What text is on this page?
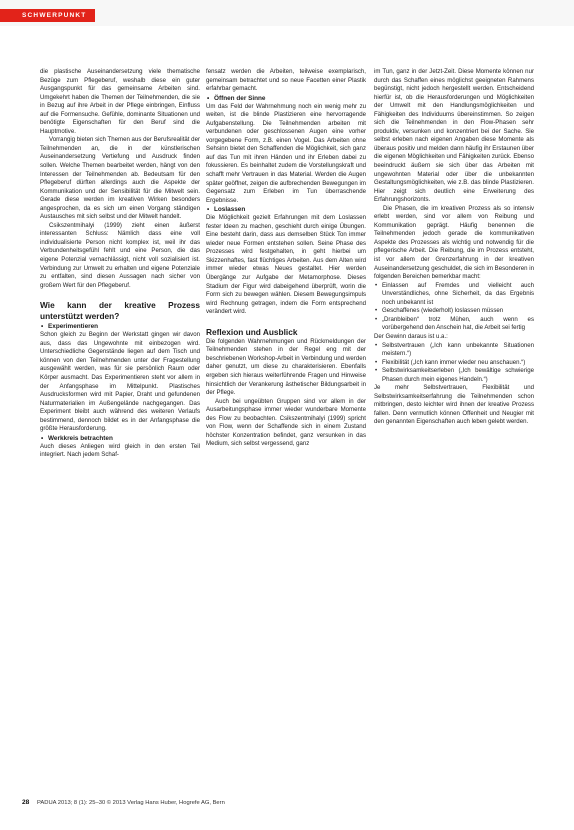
SCHWERPUNKT

die plastische Auseinandersetzung viele thematische Bezüge zum Pflegeberuf, weshalb diese ein guter Ausgangspunkt für das gemeinsame Arbeiten sind. Umgekehrt haben die Themen der Teilnehmenden, die sie in Bezug auf ihre Arbeit in der Pflege einbringen, Einfluss auf die Formensuche. Gefühle, dominante Situationen und benötigte Eigenschaften für den Beruf sind die Hauptmotive.

Vorrangig bieten sich Themen aus der Berufsrealität der Teilnehmenden an, die in der künstlerischen Auseinandersetzung Vertiefung und Ausdruck finden sollen. Welche Themen bearbeitet werden, hängt von den Interessen der Teilnehmenden ab. Bedeutsam für den Pflegeberuf dürften allerdings auch die Aspekte der Kommunikation und der Sensibilität für die Mitwelt sein. Gerade diese werden im kreativen Wirken besonders angesprochen, da es sich um einen Vorgang ständigen Austausches mit sich selbst und der Mitwelt handelt.

Csikszentmihalyi (1999) zieht einen äußerst interessanten Schluss: Nämlich dass eine voll individualisierte Person nicht komplex ist, weil ihr das Verbundenheitsgefühl fehlt und eine Person, die das eigene Potenzial vernachlässigt, nicht voll sozialisiert ist. Verbindung zur Umwelt zu erhalten und eigene Potenziale zu entfalten, sind diesen Aussagen nach sicher von großem Wert für den Pflegeberuf.

Wie kann der kreative Prozess unterstützt werden?

• Experimentieren

Schon gleich zu Beginn der Werkstatt gingen wir davon aus, dass das Ungewohnte mit einbezogen wird. Unterschiedliche Gegenstände liegen auf dem Tisch und können von den Teilnehmenden unter der Fragestellung ausgewählt werden, was für sie persönlich Raum oder Körper ausmacht. Das Experimentieren steht vor allem in der Anfangsphase im Mittelpunkt. Plastisches Ausdrucksformen wird mit Papier, Draht und gefundenen Naturmaterialien im Außengelände nachgegangen. Das Experiment bleibt auch während des weiteren Verlaufs bestimmend, dennoch bildet es in der Anfangsphase die größte Herausforderung.

• Werkkreis betrachten

Auch dieses Anliegen wird gleich in den ersten Teil integriert. Nach jedem Schaf-

fensatz werden die Arbeiten, teilweise exemplarisch, gemeinsam betrachtet und so neue Facetten einer Plastik erfahrbar gemacht.

• Öffnen der Sinne

Um das Feld der Wahrnehmung noch ein wenig mehr zu weiten, ist die blinde Plastizieren eine hervorragende Aufgabenstellung. Die Teilnehmenden arbeiten mit verbundenen oder geschlossenen Augen eine vorher vorgegebene Form, z.B. einen Vogel. Das Arbeiten ohne Sehsinn bietet den Schaffenden die Möglichkeit, sich ganz auf das Tun mit ihren Händen und ihr Erleben dabei zu fokussieren. Es beinhaltet zudem die Vorstellungskraft und schafft mehr Vertrauen in das Material. Werden die Augen später geöffnet, zeigen die aufbrechenden Bewegungen im Gegensatz zum Erleben im Tun überraschende Ergebnisse.

• Loslassen

Die Möglichkeit gezielt Erfahrungen mit dem Loslassen fester Ideen zu machen, geschieht durch einige Übungen. Eine besteht darin, dass aus demselben Stück Ton immer wieder neue Formen entstehen sollen. Seine Phase des Prozesses wird festgehalten, in geht hierbei um Skizzenhaftes, fast flüchtiges Arbeiten. Aus dem Alten wird immer wieder etwas Neues gestaltet. Hier werden Übergänge zur Aufgabe der Metamorphose. Dieses Stadium der Figur wird dabeigehend überprüft, worin die Form sich zu bewegen wählen. Diesem Bewegungsimpuls wird Rechnung getragen, indem die Form entsprechend verändert wird.

Reflexion und Ausblick

Die folgenden Wahrnehmungen und Rückmeldungen der Teilnehmenden stehen in der Regel eng mit der beschriebenen Workshop-Arbeit in Verbindung und werden daher genutzt, um diese zu charakterisieren. Ebenfalls ergeben sich hieraus weiterführende Fragen und Hinweise hinsichtlich der Verankerung ästhetischer Bildungsarbeit in der Pflege.

Auch bei ungeübten Gruppen sind vor allem in der Ausarbeitungsphase immer wieder wunderbare Momente des Flow zu beobachten. Csikszentmihalyi (1999) spricht von Flow, wenn der Schaffende sich in einem Zustand höchster Konzentration befindet, ganz versunken in das Medium, sich selbst vergessend, ganz

im Tun, ganz in der Jetzt-Zeit. Diese Momente können nur durch das Schaffen eines möglichst geeigneten Rahmens begünstigt, nicht jedoch hergestellt werden. Entscheidend hierfür ist, ob die Herausforderungen und Möglichkeiten der Umwelt mit den Handlungsmöglichkeiten und Fähigkeiten des Individuums übereinstimmen. So zeigen sich die Teilnehmenden in den Flow-Phasen sehr produktiv, versunken und konzentriert bei der Sache. Sie selbst erleben nach eigenen Angaben diese Momente als überaus positiv und melden dann häufig ihr Erstaunen über die eigenen Möglichkeiten und Fähigkeiten zurück. Ebenso beeindruckt äußern sie sich über das Arbeiten mit ungewohnten Material oder über die unbekannten Gestaltungsmöglichkeiten, wie z.B. das blinde Plastizieren. Hier zeigt sich deutlich eine Erweiterung des Erfahrungshorizonts.

Die Phasen, die im kreativen Prozess als so intensiv erlebt werden, sind vor allem von Reibung und Kommunikation geprägt. Häufig benennen die Teilnehmenden jedoch gerade die kommunikativen Aspekte des Prozesses als wichtig und notwendig für die pflegerische Arbeit. Die Reibung, die im Prozess entsteht, ist vor allem der Grenzerfahrung in der kreativen Auseinandersetzung geschuldet, die sich im Besonderen in folgenden Bereichen bemerkbar macht:

• Einlassen auf Fremdes und vielleicht auch Unverständliches, ohne Sicherheit, da das Ergebnis noch unbekannt ist
• Geschaffenes (wiederholt) loslassen müssen
• „Dranbleiben“ trotz Mühen, auch wenn es vorübergehend den Anschein hat, die Arbeit sei fertig

Der Gewinn daraus ist u.a.:

• Selbstvertrauen („Ich kann unbekannte Situationen meistern.“)
• Flexibilität („Ich kann immer wieder neu anschauen.“)
• Selbstwirksamkeitserleben („Ich bewältige schwierige Phasen durch mein eigenes Handeln.“)

Je mehr Selbstvertrauen, Flexibilität und Selbstwirksamkeitserfahrung die Teilnehmenden schon mitbringen, desto leichter wird ihnen der kreative Prozess fallen. Denn vermutlich können Offenheit und Neugier mit den genannten Eigenschaften auch leben gelebt werden.

28 PADUA 2013; 8 (1): 25–30 © 2013 Verlag Hans Huber, Hogrefe AG, Bern
